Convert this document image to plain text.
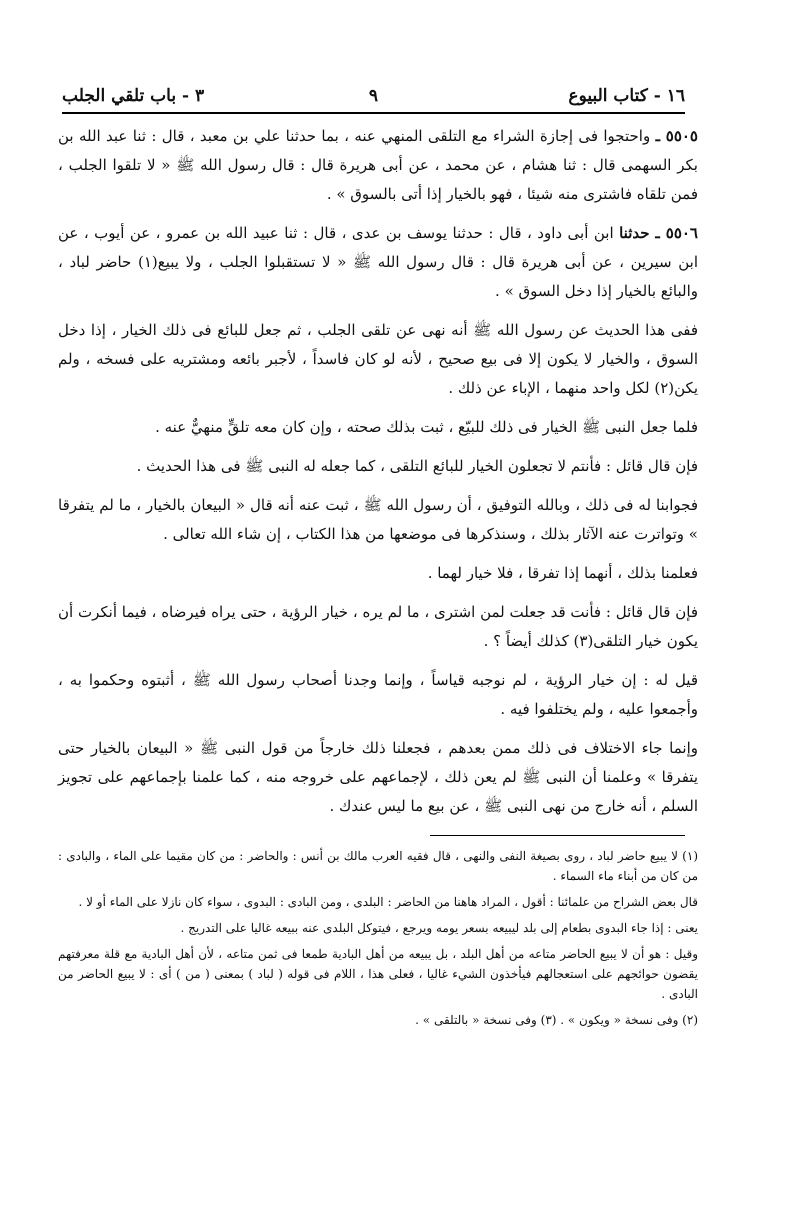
١٦ - كتاب البيوع
٩
٣ - باب تلقي الجلب

٥٥٠٥ ـ واحتجوا فى إجازة الشراء مع التلقى المنهي عنه ، بما حدثنا علي بن معبد ، قال : ثنا عبد الله بن بكر السهمى قال : ثنا هشام ، عن محمد ، عن أبى هريرة قال : قال رسول الله ﷺ « لا تلقوا الجلب ، فمن تلقاه فاشترى منه شيئا ، فهو بالخيار إذا أتى بالسوق » .

٥٥٠٦ ـ حدثنا ابن أبى داود ، قال : حدثنا يوسف بن عدى ، قال : ثنا عبيد الله بن عمرو ، عن أيوب ، عن ابن سيرين ، عن أبى هريرة قال : قال رسول الله ﷺ « لا تستقبلوا الجلب ، ولا يبيع(١) حاضر لباد ، والبائع بالخيار إذا دخل السوق » .

ففى هذا الحديث عن رسول الله ﷺ أنه نهى عن تلقى الجلب ، ثم جعل للبائع فى ذلك الخيار ، إذا دخل السوق ، والخيار لا يكون إلا فى بيع صحيح ، لأنه لو كان فاسداً ، لأجبر بائعه ومشتريه على فسخه ، ولم يكن(٢) لكل واحد منهما ، الإباء عن ذلك .

فلما جعل النبى ﷺ الخيار فى ذلك للبيّع ، ثبت بذلك صحته ، وإن كان معه تلقٍّ منهيٌّ عنه .

فإن قال قائل : فأنتم لا تجعلون الخيار للبائع التلقى ، كما جعله له النبى ﷺ فى هذا الحديث .

فجوابنا له فى ذلك ، وبالله التوفيق ، أن رسول الله ﷺ ، ثبت عنه أنه قال « البيعان بالخيار ، ما لم يتفرقا » وتواترت عنه الآثار بذلك ، وسنذكرها فى موضعها من هذا الكتاب ، إن شاء الله تعالى .

فعلمنا بذلك ، أنهما إذا تفرقا ، فلا خيار لهما .

فإن قال قائل : فأنت قد جعلت لمن اشترى ، ما لم يره ، خيار الرؤية ، حتى يراه فيرضاه ، فيما أنكرت أن يكون خيار التلقى(٣) كذلك أيضاً ؟ .

قيل له : إن خيار الرؤية ، لم نوجبه قياساً ، وإنما وجدنا أصحاب رسول الله ﷺ ، أثبتوه وحكموا به ، وأجمعوا عليه ، ولم يختلفوا فيه .

وإنما جاء الاختلاف فى ذلك ممن بعدهم ، فجعلنا ذلك خارجاً من قول النبى ﷺ « البيعان بالخيار حتى يتفرقا » وعلمنا أن النبى ﷺ لم يعن ذلك ، لإجماعهم على خروجه منه ، كما علمنا بإجماعهم على تجويز السلم ، أنه خارج من نهى النبى ﷺ ، عن بيع ما ليس عندك .

(١) لا يبيع حاضر لباد ، روى بصيغة النفى والنهى ، قال فقيه العرب مالك بن أنس : والحاضر : من كان مقيما على الماء ، والبادى : من كان من أبناء ماء السماء .

قال بعض الشراح من علمائنا : أقول ، المراد هاهنا من الحاضر : البلدى ، ومن البادى : البدوى ، سواء كان نازلا على الماء أو لا .

يعنى : إذا جاء البدوى بطعام إلى بلد ليبيعه بسعر يومه ويرجع ، فيتوكل البلدى عنه ببيعه غاليا على التدريج .

وقيل : هو أن لا يبيع الحاضر متاعه من أهل البلد ، بل يبيعه من أهل البادية طمعا فى ثمن متاعه ، لأن أهل البادية مع قلة معرفتهم يقضون حوائجهم على استعجالهم فيأخذون الشيء غاليا ، فعلى هذا ، اللام فى قوله ( لباد ) بمعنى ( من ) أى : لا يبيع الحاضر من البادى .

(٢) وفى نسخة « ويكون » . (٣) وفى نسخة « بالتلقى » .
